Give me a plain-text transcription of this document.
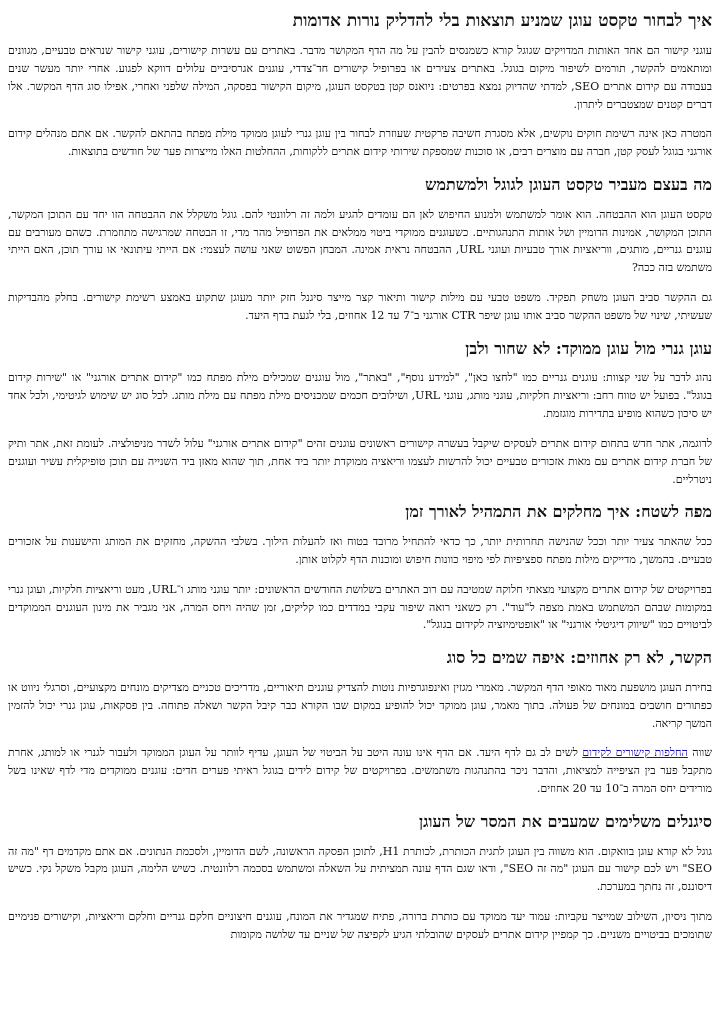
איך לבחור טקסט עוגן שמניע תוצאות בלי להדליק נורות אדומות

עוגני קישור הם אחד האותות המדויקים שגוגל קורא כשמנסים להבין על מה הדף המקושר מדבר. באתרים עם עשרות קישורים, עוגני קישור שנראים טבעיים, מגוונים ומותאמים להקשר, תורמים לשיפור מיקום בגוגל. באתרים צעירים או בפרופיל קישורים חד־צדדי, עוגנים אגרסיביים עלולים דווקא לפגוע. אחרי יותר מעשר שנים בעבודה עם קידום אתרים SEO, למדתי שהדיוק נמצא בפרטים: ניואנס קטן בטקסט העוגן, מיקום הקישור בפסקה, המילה שלפני ואחרי, אפילו סוג הדף המקשר. אלו דברים קטנים שמצטברים ליתרון.

המטרה כאן אינה רשימת חוקים נוקשים, אלא מסגרת חשיבה פרקטית שעוזרת לבחור בין עוגן גנרי לעוגן ממוקד מילת מפתח בהתאם להקשר. אם אתם מנהלים קידום אורגני בגוגל לעסק קטן, חברה עם מוצרים רבים, או סוכנות שמספקת שירותי קידום אתרים ללקוחות, ההחלטות האלו מייצרות פער של חודשים בתוצאות.

מה בעצם מעביר טקסט העוגן לגוגל ולמשתמש

טקסט העוגן הוא ההבטחה. הוא אומר למשתמש ולמנוע החיפוש לאן הם עומדים להגיע ולמה זה רלוונטי להם. גוגל משקלל את ההבטחה הזו יחד עם התוכן המקשר, התוכן המקושר, אמינות הדומיין ושל אותות התנהגותיים. כשעוגנים ממוקדי ביטוי ממלאים את הפרופיל מהר מדי, זו הבטחה שמרגישה מתוזמרת. כשהם מעורבים עם עוגנים גנריים, מותגים, ווריאציות אורך טבעיות ועוגני URL, ההבטחה נראית אמינה. המבחן הפשוט שאני עושה לעצמי: אם הייתי עיתונאי או עורך תוכן, האם הייתי משתמש בזה ככה?

גם ההקשר סביב העוגן משחק תפקיד. משפט טבעי עם מילות קישור ותיאור קצר מייצר סיגנל חזק יותר מעוגן שתקוע באמצע רשימת קישורים. בחלק מהבדיקות שעשיתי, שינוי של משפט ההקשר סביב אותו עוגן שיפר CTR אורגני ב־7 עד 12 אחוזים, בלי לגעת בדף היעד.

עוגן גנרי מול עוגן ממוקד: לא שחור ולבן

נהוג לדבר על שני קצוות: עוגנים גנריים כמו "לחצו כאן", "למידע נוסף", "באתר", מול עוגנים שמכילים מילת מפתח כמו "קידום אתרים אורגני" או "שירות קידום בגוגל". בפועל יש טווח רחב: וריאציות חלקיות, עוגני מותג, עוגני URL, ושילובים חכמים שמכניסים מילת מפתח עם מילת מותג. לכל סוג יש שימוש לגיטימי, ולכל אחד יש סיכון כשהוא מופיע בתדירות מוגזמת.

לדוגמה, אתר חדש בתחום קידום אתרים לעסקים שיקבל בעשרה קישורים ראשונים עוגנים זהים "קידום אתרים אורגני" עלול לשדר מניפולציה. לעומת זאת, אתר ותיק של חברת קידום אתרים עם מאות אזכורים טבעיים יכול להרשות לעצמו וריאציה ממוקדת יותר ביד אחת, תוך שהוא מאזן ביד השנייה עם תוכן טופיקלית עשיר ועוגנים ניטרליים.

מפה לשטח: איך מחלקים את התמהיל לאורך זמן

ככל שהאתר צעיר יותר וככל שהנישה תחרותית יותר, כך כדאי להתחיל מרובד בטוח ואז להעלות הילוך. בשלבי ההשקה, מחזקים את המותג והישענות על אזכורים טבעיים. בהמשך, מדייקים מילות מפתח ספציפיות לפי מיפוי כוונות חיפוש ומוכנות הדף לקלוט אותן.

בפרויקטים של קידום אתרים מקצועי מצאתי חלוקה שמטיבה עם רוב האתרים בשלושת החודשים הראשונים: יותר עוגני מותג ו־URL, מעט וריאציות חלקיות, ועוגן גנרי במקומות שבהם המשתמש באמת מצפה ל"עוד". רק כשאני רואה שיפור עקבי במדדים כמו קליקים, זמן שהיה ויחס המרה, אני מגביר את מינון העוגנים הממוקדים לביטויים כמו "שיווק דיגיטלי אורגני" או "אופטימיזציה לקידום בגוגל".

הקשר, לא רק אחוזים: איפה שמים כל סוג

בחירת העוגן מושפעת מאוד מאופי הדף המקשר. מאמרי מגזין ואינפוגרפיות נוטות להצדיק עוגנים תיאוריים, מדריכים טכניים מצדיקים מונחים מקצועיים, וסרגלי ניווט או כפתורים חושבים במונחים של פעולה. בתוך מאמר, עוגן ממוקד יכול להופיע במקום שבו הקורא כבר קיבל הקשר ושאלה פתוחה. בין פסקאות, עוגן גנרי יכול להזמין המשך קריאה.

שווה החלפות קישורים לקידום לשים לב גם לדף היעד. אם הדף אינו עונה היטב על הביטוי של העוגן, עדיף לוותר על העוגן הממוקד ולעבור לגנרי או למותג, אחרת מתקבל פער בין הציפייה למציאות, והדבר ניכר בהתנהגות משתמשים. בפרויקטים של קידום לידים בגוגל ראיתי פערים חדים: עוגנים ממוקדים מדי לדף שאינו בשל מורידים יחס המרה ב־10 עד 20 אחוזים.

סיגנלים משלימים שמעבים את המסר של העוגן

גוגל לא קורא עוגן בוואקום. הוא משווה בין העוגן לתגית הכותרת, לכותרת H1, לתוכן הפסקה הראשונה, לשם הדומיין, ולסכמת הנתונים. אם אתם מקדמים דף "מה זה SEO" ויש לכם קישור עם העוגן "מה זה SEO", ודאו שגם הדף עונה תמציתית על השאלה ומשתמש בסכמה רלוונטית. כשיש הלימה, העוגן מקבל משקל נקי. כשיש דיסוננס, זה נחתך במערכת.

מתוך ניסיון, השילוב שמייצר עקביות: עמוד יעד ממוקד עם כותרת ברורה, פתיח שמגדיר את המונח, עוגנים חיצוניים חלקם גנריים וחלקם וריאציות, וקישורים פנימיים שתומכים בביטויים משניים. כך קמפיין קידום אתרים לעסקים שהובלתי הגיע לקפיצה של שניים עד שלושה מקומות
